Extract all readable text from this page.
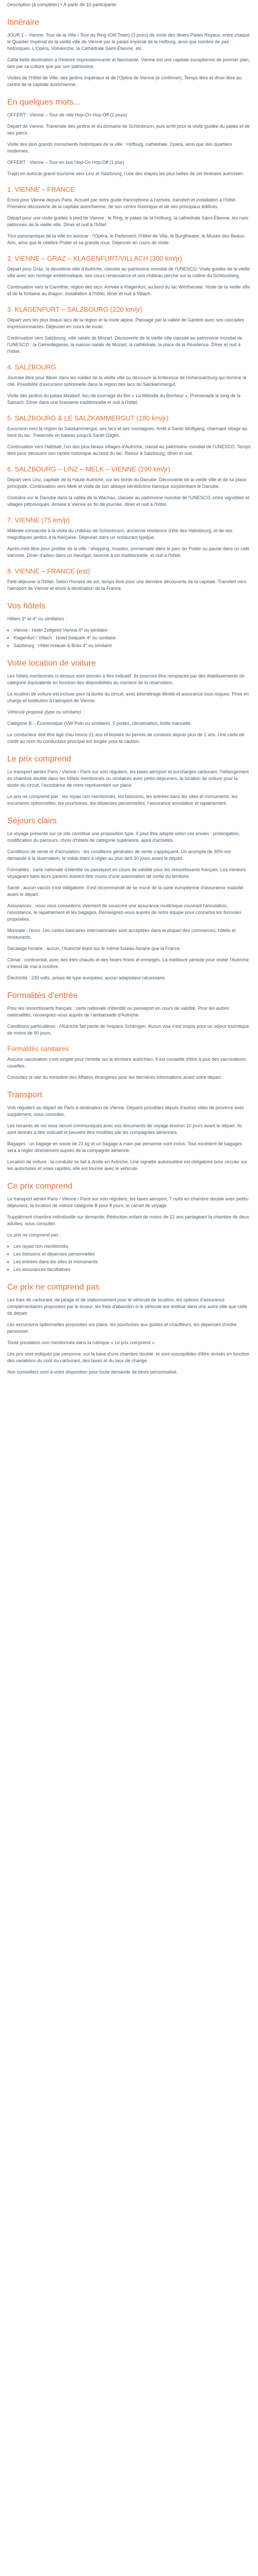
Description (à compléter) • À partir de 10 participants

Itinéraire

JOUR 1 – Vienne. Tour de la Ville / Tour du Ring (Old Town) (3 jours) de visite des divers Palais Royaux, entre chaque le Quartier Impérial de la vieille ville de Vienne par le palais impérial de la Hofburg, ainsi que nombre de pas historiques. L'Opéra, Votivkirche, la Cathédrale Saint-Étienne, etc.

Cette belle destination a l'histoire impressionnante et fascinante. Vienne est une capitale européenne de premier plan, tant par sa culture que par son patrimoine.

Visites de l'Hôtel de Ville, des jardins impériaux et de l'Opéra de Vienne (à confirmer). Temps libre et dîner libre au centre de la capitale autrichienne.

En quelques mots...

OFFERT : Vienne – Tour de ville Hop-On Hop-Off (2 jours)

Départ de Vienne. Traversée des jardins et du domaine de Schönbrunn, puis arrêt pour la visite guidée du palais et de ses parcs.

Visite des plus grands monuments historiques de la ville : Hofburg, cathédrale, Opéra, ainsi que des quartiers modernes.

OFFERT : Vienne – Tour en bus Hop-On Hop-Off (1 jour)

Trajet en autocar grand tourisme vers Linz et Salzbourg, l'une des étapes les plus belles de cet itinéraire autrichien.

1. VIENNE – FRANCE

Envol pour Vienne depuis Paris. Accueil par notre guide francophone à l'arrivée, transfert et installation à l'hôtel. Première découverte de la capitale autrichienne, de son centre historique et de ses principaux édifices.

Départ pour une visite guidée à pied de Vienne : le Ring, le palais de la Hofburg, la cathédrale Saint-Étienne, les rues piétonnes de la vieille ville. Dîner et nuit à l'hôtel.

Tour panoramique de la ville en autocar : l'Opéra, le Parlement, l'Hôtel de Ville, le Burgtheater, le Musée des Beaux-Arts, ainsi que le célèbre Prater et sa grande roue. Déjeuner en cours de visite.

2. VIENNE – GRAZ – KLAGENFURT/VILLACH (300 km/jr)

Départ pour Graz, la deuxième ville d'Autriche, classée au patrimoine mondial de l'UNESCO. Visite guidée de la vieille ville avec son horloge emblématique, ses cours renaissance et son château perché sur la colline du Schlossberg.

Continuation vers la Carinthie, région des lacs. Arrivée à Klagenfurt, au bord du lac Wörthersee. Visite de la vieille ville et de la fontaine au dragon. Installation à l'hôtel, dîner et nuit à Villach.

3. KLAGENFURT – SALZBOURG (220 km/jr)

Départ vers les plus beaux lacs de la région et la route alpine. Passage par la vallée de Gastein avec ses cascades impressionnantes. Déjeuner en cours de route.

Continuation vers Salzbourg, ville natale de Mozart. Découverte de la vieille ville classée au patrimoine mondial de l'UNESCO : la Getreidegasse, la maison natale de Mozart, la cathédrale, la place de la Résidence. Dîner et nuit à l'hôtel.

4. SALZBOURG

Journée libre pour flâner dans les ruelles de la vieille ville ou découvrir la forteresse de Hohensalzburg qui domine la cité. Possibilité d'excursion optionnelle dans la région des lacs du Salzkammergut.

Visite des jardins du palais Mirabell, lieu de tournage du film « La Mélodie du Bonheur ». Promenade le long de la Salzach. Dîner dans une brasserie traditionnelle et nuit à l'hôtel.

5. SALZBOURG & LE SALZKAMMERGUT (180 km/jr)

Excursion vers la région du Salzkammergut, ses lacs et ses montagnes. Arrêt à Sankt Wolfgang, charmant village au bord du lac. Traversée en bateau jusqu'à Sankt Gilgen.

Continuation vers Hallstatt, l'un des plus beaux villages d'Autriche, classé au patrimoine mondial de l'UNESCO. Temps libre pour découvrir son centre historique au bord du lac. Retour à Salzbourg, dîner et nuit.

6. SALZBOURG – LINZ – MELK – VIENNE (290 km/jr)

Départ vers Linz, capitale de la Haute-Autriche, sur les bords du Danube. Découverte de la vieille ville et de sa place principale. Continuation vers Melk et visite de son abbaye bénédictine baroque surplombant le Danube.

Croisière sur le Danube dans la vallée de la Wachau, classée au patrimoine mondial de l'UNESCO, entre vignobles et villages pittoresques. Arrivée à Vienne en fin de journée, dîner et nuit à l'hôtel.

7. VIENNE (75 km/jr)

Matinée consacrée à la visite du château de Schönbrunn, ancienne résidence d'été des Habsbourg, et de ses magnifiques jardins à la française. Déjeuner dans un restaurant typique.

Après-midi libre pour profiter de la ville : shopping, musées, promenade dans le parc du Prater ou pause dans un café viennois. Dîner d'adieu dans un Heuriger, taverne à vin traditionnelle, et nuit à l'hôtel.

8. VIENNE – FRANCE (est)

Petit-déjeuner à l'hôtel. Selon l'horaire de vol, temps libre pour une dernière découverte de la capitale. Transfert vers l'aéroport de Vienne et envol à destination de la France.

Vos hôtels

Hôtels 3* et 4* ou similaires :

• Vienne : Hotel Zeitgeist Vienna 4* ou similaire
• Klagenfurt / Villach : Hotel Seepark 4* ou similaire
• Salzbourg : Hotel Imlauer & Bräu 4* ou similaire
Votre location de voiture

Les hôtels mentionnés ci-dessus sont donnés à titre indicatif. Ils pourront être remplacés par des établissements de catégorie équivalente en fonction des disponibilités au moment de la réservation.

La location de voiture est incluse pour la durée du circuit, avec kilométrage illimité et assurance tous risques. Prise en charge et restitution à l'aéroport de Vienne.

Véhicule proposé (type ou similaire) :

Catégorie B – Économique (VW Polo ou similaire), 5 portes, climatisation, boîte manuelle.

Le conducteur doit être âgé d'au moins 21 ans et titulaire du permis de conduire depuis plus de 2 ans. Une carte de crédit au nom du conducteur principal est exigée pour la caution.

Le prix comprend

Le transport aérien Paris / Vienne / Paris sur vols réguliers, les taxes aéroport et surcharges carburant, l'hébergement en chambre double dans les hôtels mentionnés ou similaires avec petits-déjeuners, la location de voiture pour la durée du circuit, l'assistance de notre représentant sur place.

Le prix ne comprend pas : les repas non mentionnés, les boissons, les entrées dans les sites et monuments, les excursions optionnelles, les pourboires, les dépenses personnelles, l'assurance annulation et rapatriement.

Séjours clairs

Le voyage présenté sur ce site constitue une proposition type. Il peut être adapté selon vos envies : prolongation, modification du parcours, choix d'hôtels de catégorie supérieure, ajout d'activités.

Conditions de vente et d'annulation : les conditions générales de vente s'appliquent. Un acompte de 30% est demandé à la réservation, le solde étant à régler au plus tard 30 jours avant le départ.

Formalités : carte nationale d'identité ou passeport en cours de validité pour les ressortissants français. Les mineurs voyageant sans leurs parents doivent être munis d'une autorisation de sortie du territoire.

Santé : aucun vaccin n'est obligatoire. Il est recommandé de se munir de la carte européenne d'assurance maladie avant le départ.

Assurances : nous vous conseillons vivement de souscrire une assurance multirisque couvrant l'annulation, l'assistance, le rapatriement et les bagages. Renseignez-vous auprès de notre équipe pour connaître les formules proposées.

Monnaie : l'euro. Les cartes bancaires internationales sont acceptées dans la plupart des commerces, hôtels et restaurants.

Décalage horaire : aucun, l'Autriche étant sur le même fuseau horaire que la France.

Climat : continental, avec des étés chauds et des hivers froids et enneigés. La meilleure période pour visiter l'Autriche s'étend de mai à octobre.

Électricité : 230 volts, prises de type européen, aucun adaptateur nécessaire.

Formalités d'entrée

Pour les ressortissants français : carte nationale d'identité ou passeport en cours de validité. Pour les autres nationalités, renseignez-vous auprès de l'ambassade d'Autriche.

Conditions particulières : l'Autriche fait partie de l'espace Schengen. Aucun visa n'est requis pour un séjour touristique de moins de 90 jours.

Formalités sanitaires

Aucune vaccination n'est exigée pour l'entrée sur le territoire autrichien. Il est conseillé d'être à jour des vaccinations usuelles.

Consultez le site du ministère des Affaires étrangères pour les dernières informations avant votre départ.

Transport

Vols réguliers au départ de Paris à destination de Vienne. Départs possibles depuis d'autres villes de province avec supplément, nous consulter.

Les horaires de vol vous seront communiqués avec vos documents de voyage environ 10 jours avant le départ. Ils sont donnés à titre indicatif et peuvent être modifiés par les compagnies aériennes.

Bagages : un bagage en soute de 23 kg et un bagage à main par personne sont inclus. Tout excédent de bagages sera à régler directement auprès de la compagnie aérienne.

Location de voiture : la conduite se fait à droite en Autriche. Une vignette autoroutière est obligatoire pour circuler sur les autoroutes et voies rapides, elle est fournie avec le véhicule.

Ce prix comprend

Le transport aérien Paris / Vienne / Paris sur vols réguliers, les taxes aéroport, 7 nuits en chambre double avec petits-déjeuners, la location de voiture catégorie B pour 8 jours, le carnet de voyage.

Supplément chambre individuelle sur demande. Réduction enfant de moins de 12 ans partageant la chambre de deux adultes, nous consulter.

Le prix ne comprend pas :

• Les repas non mentionnés
• Les boissons et dépenses personnelles
• Les entrées dans les sites et monuments
• Les assurances facultatives
Ce prix ne comprend pas

Les frais de carburant, de péage et de stationnement pour le véhicule de location, les options d'assurance complémentaires proposées par le loueur, les frais d'abandon si le véhicule est restitué dans une autre ville que celle de départ.

Les excursions optionnelles proposées sur place, les pourboires aux guides et chauffeurs, les dépenses d'ordre personnel.

Toute prestation non mentionnée dans la rubrique « Le prix comprend ».

Les prix sont indiqués par personne, sur la base d'une chambre double, et sont susceptibles d'être révisés en fonction des variations du coût du carburant, des taxes et du taux de change.

Nos conseillers sont à votre disposition pour toute demande de devis personnalisé.
